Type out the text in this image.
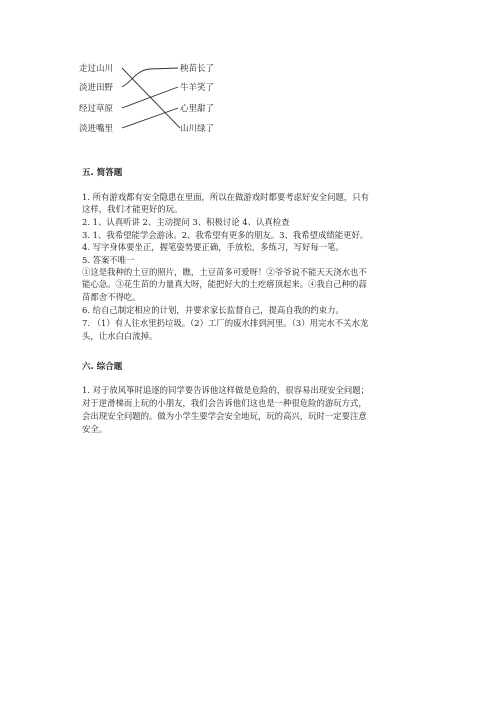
走过山川
淡进田野
经过草原
淡进嘴里
秧苗长了
牛羊笑了
心里甜了
山川绿了
五. 简答题
1. 所有游戏都有安全隐患在里面，所以在做游戏时都要考虑好安全问题，只有
这样，我们才能更好的玩。
2. 1、认真听讲 2、主动提问 3、积极讨论 4、认真检查
3. 1、我希望能学会游泳。2、我希望有更多的朋友。3、我希望成绩能更好。
4. 写字身体要坐正，握笔姿势要正确，手放松，多练习，写好每一笔。
5. 答案不唯一
①这是我种的土豆的照片，瞧，土豆苗多可爱呀！②爷爷说不能天天浇水也不
能心急。③花生苗的力量真大呀，能把好大的土疙瘩顶起来。④我自己种的蒜
苗都舍不得吃。
6. 给自己制定相应的计划，并要求家长监督自己，提高自我的约束力。
7. （1）有人往水里扔垃圾。（2）工厂的废水排到河里。（3）用完水不关水龙
头，让水白白流掉。
六. 综合题
1. 对于放风筝时追逐的同学要告诉他这样做是危险的，很容易出现安全问题；
对于逆滑梯而上玩的小朋友，我们会告诉他们这也是一种很危险的游玩方式，
会出现安全问题的。做为小学生要学会安全地玩，玩的高兴，玩时一定要注意
安全。
